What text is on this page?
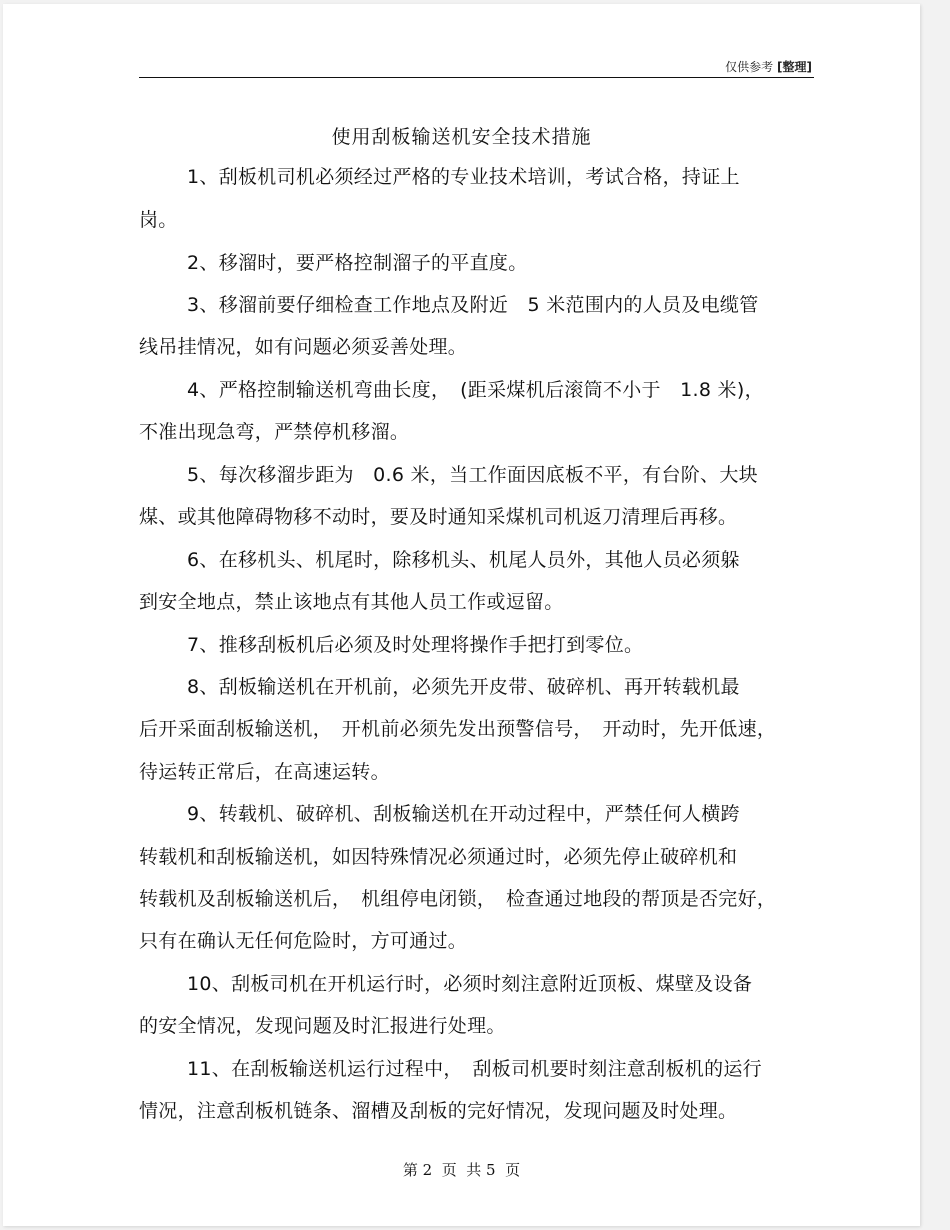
仅供参考 [整理]
使用刮板输送机安全技术措施
1、刮板机司机必须经过严格的专业技术培训，考试合格，持证上
岗。
2、移溜时，要严格控制溜子的平直度。
3、移溜前要仔细检查工作地点及附近　5 米范围内的人员及电缆管
线吊挂情况，如有问题必须妥善处理。
4、严格控制输送机弯曲长度，　(距采煤机后滚筒不小于　1.8 米)，
不准出现急弯，严禁停机移溜。
5、每次移溜步距为　0.6 米，当工作面因底板不平，有台阶、大块
煤、或其他障碍物移不动时，要及时通知采煤机司机返刀清理后再移。
6、在移机头、机尾时，除移机头、机尾人员外，其他人员必须躲
到安全地点，禁止该地点有其他人员工作或逗留。
7、推移刮板机后必须及时处理将操作手把打到零位。
8、刮板输送机在开机前，必须先开皮带、破碎机、再开转载机最
后开采面刮板输送机，　开机前必须先发出预警信号，　开动时，先开低速，
待运转正常后，在高速运转。
9、转载机、破碎机、刮板输送机在开动过程中，严禁任何人横跨
转载机和刮板输送机，如因特殊情况必须通过时，必须先停止破碎机和
转载机及刮板输送机后，　机组停电闭锁，　检查通过地段的帮顶是否完好，
只有在确认无任何危险时，方可通过。
10、刮板司机在开机运行时，必须时刻注意附近顶板、煤壁及设备
的安全情况，发现问题及时汇报进行处理。
11、在刮板输送机运行过程中，　刮板司机要时刻注意刮板机的运行
情况，注意刮板机链条、溜槽及刮板的完好情况，发现问题及时处理。
第 2  页  共 5  页
